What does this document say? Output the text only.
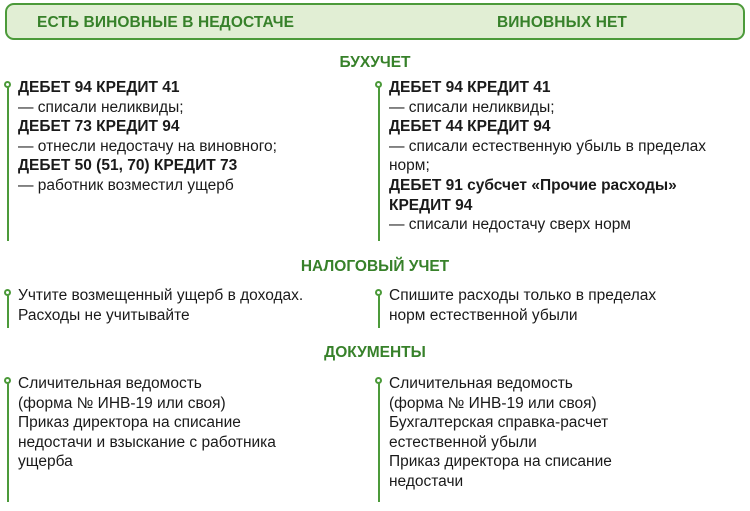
ЕСТЬ ВИНОВНЫЕ В НЕДОСТАЧЕ	ВИНОВНЫХ НЕТ
БУХУЧЕТ
ДЕБЕТ 94 КРЕДИТ 41
— списали неликвиды;
ДЕБЕТ 73 КРЕДИТ 94
— отнесли недостачу на виновного;
ДЕБЕТ 50 (51, 70) КРЕДИТ 73
— работник возместил ущерб
ДЕБЕТ 94 КРЕДИТ 41
— списали неликвиды;
ДЕБЕТ 44 КРЕДИТ 94
— списали естественную убыль в пределах
норм;
ДЕБЕТ 91 субсчет «Прочие расходы»
КРЕДИТ 94
— списали недостачу сверх норм
НАЛОГОВЫЙ УЧЕТ
Учтите возмещенный ущерб в доходах.
Расходы не учитывайте
Спишите расходы только в пределах
норм естественной убыли
ДОКУМЕНТЫ
Сличительная ведомость
(форма № ИНВ-19 или своя)
Приказ директора на списание
недостачи и взыскание с работника
ущерба
Сличительная ведомость
(форма № ИНВ-19 или своя)
Бухгалтерская справка-расчет
естественной убыли
Приказ директора на списание
недостачи
